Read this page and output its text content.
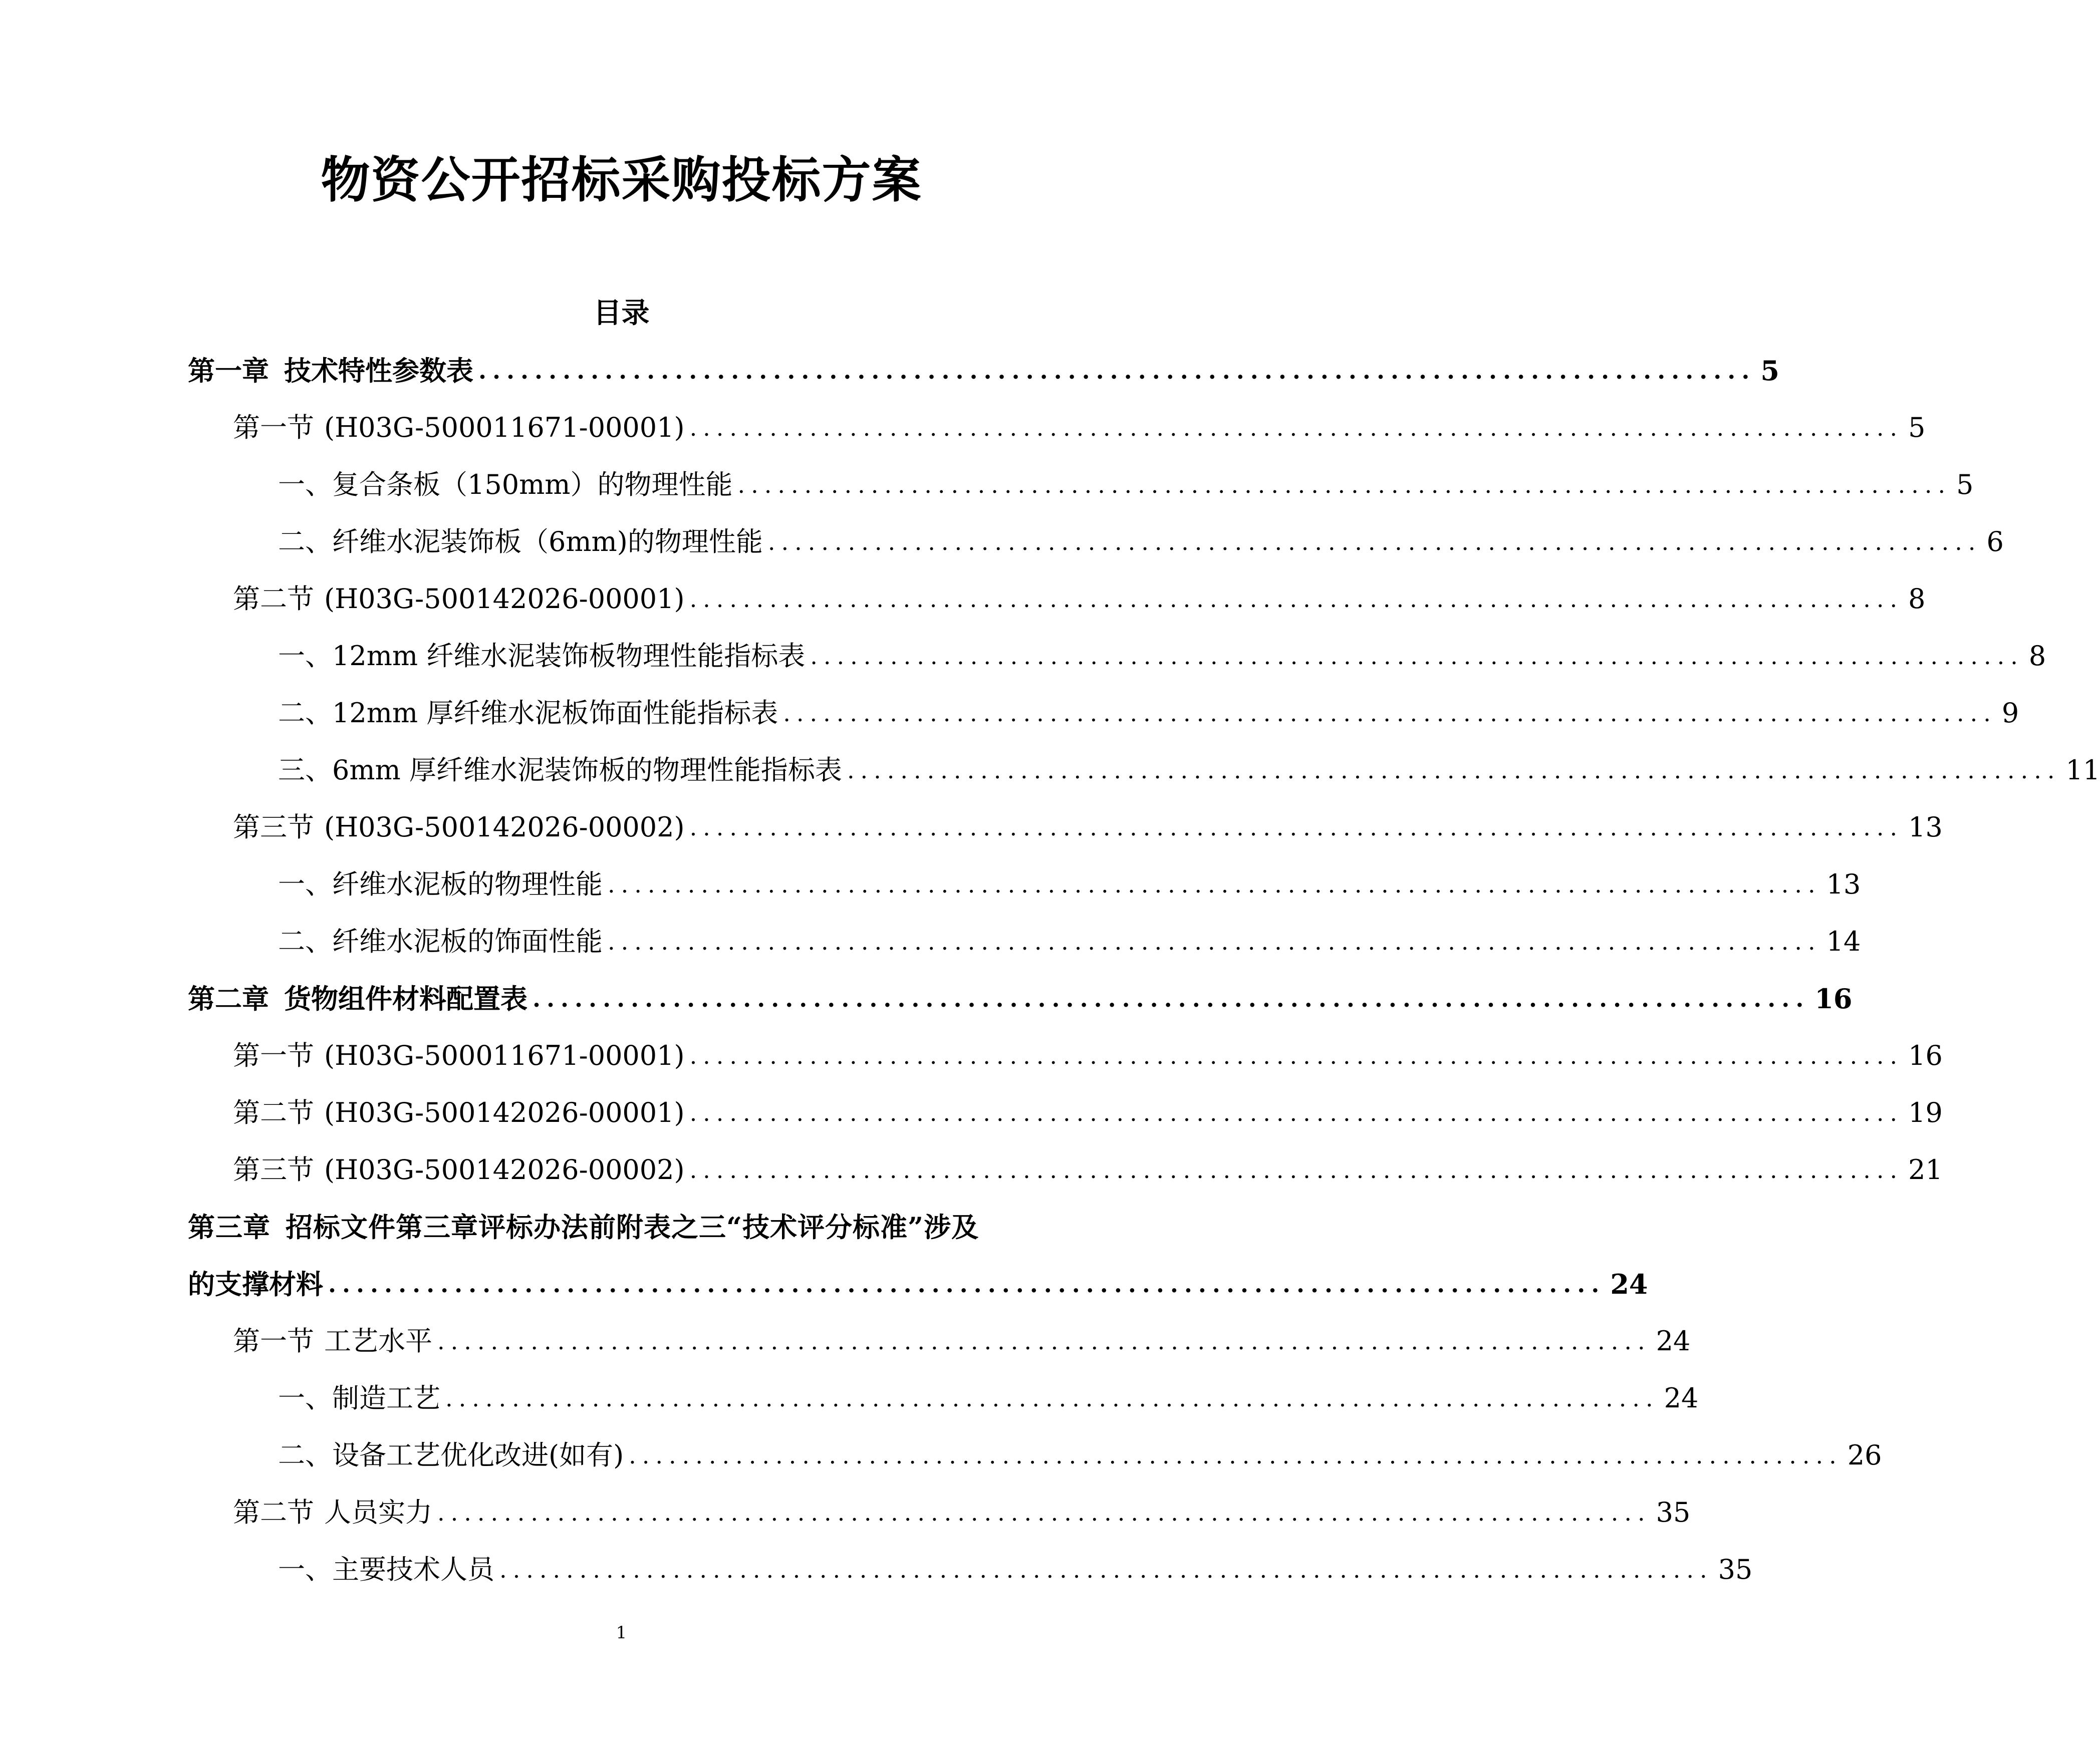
物资公开招标采购投标方案
目录
第一章 技术特性参数表 ........................................................................................... 5
第一节 (H03G-500011671-00001) ........................................................................................... 5
一、 复合条板（150mm）的物理性能 ........................................................................................... 5
二、 纤维水泥装饰板（6mm)的物理性能 ........................................................................................... 6
第二节 (H03G-500142026-00001) ........................................................................................... 8
一、 12mm 纤维水泥装饰板物理性能指标表 ........................................................................................... 8
二、 12mm 厚纤维水泥板饰面性能指标表 ........................................................................................... 9
三、 6mm 厚纤维水泥装饰板的物理性能指标表 ........................................................................................... 11
第三节 (H03G-500142026-00002) ........................................................................................... 13
一、 纤维水泥板的物理性能 ........................................................................................... 13
二、 纤维水泥板的饰面性能 ........................................................................................... 14
第二章 货物组件材料配置表 ........................................................................................... 16
第一节 (H03G-500011671-00001) ........................................................................................... 16
第二节 (H03G-500142026-00001) ........................................................................................... 19
第三节 (H03G-500142026-00002) ........................................................................................... 21
第三章 招标文件第三章评标办法前附表之三“技术评分标准”涉及
的支撑材料 ........................................................................................... 24
第一节 工艺水平 ........................................................................................... 24
一、 制造工艺 ........................................................................................... 24
二、 设备工艺优化改进(如有) ........................................................................................... 26
第二节 人员实力 ........................................................................................... 35
一、 主要技术人员 ........................................................................................... 35
1
